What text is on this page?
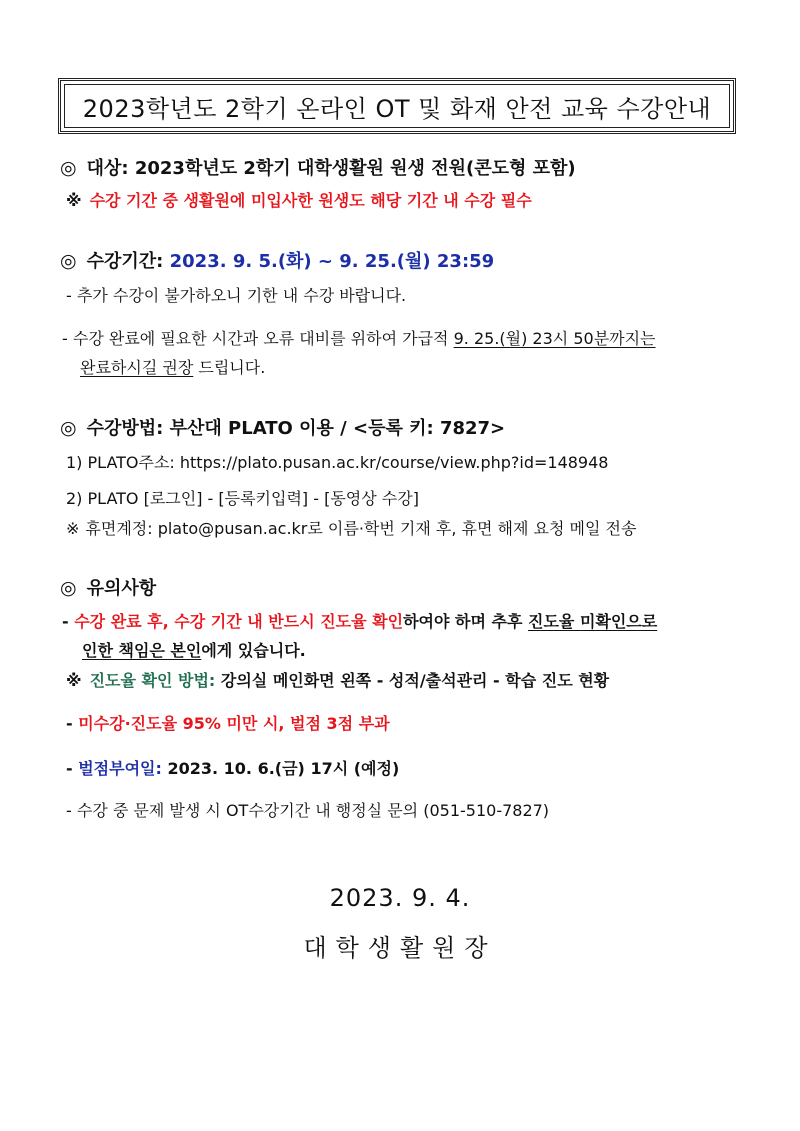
2023학년도 2학기 온라인 OT 및 화재 안전 교육 수강안내
◎ 대상: 2023학년도 2학기 대학생활원 원생 전원(콘도형 포함)
※ 수강 기간 중 생활원에 미입사한 원생도 해당 기간 내 수강 필수
◎ 수강기간: 2023. 9. 5.(화) ~ 9. 25.(월) 23:59
- 추가 수강이 불가하오니 기한 내 수강 바랍니다.
- 수강 완료에 필요한 시간과 오류 대비를 위하여 가급적 9. 25.(월) 23시 50분까지는
완료하시길 권장 드립니다.
◎ 수강방법: 부산대 PLATO 이용 / <등록 키: 7827>
1) PLATO주소: https://plato.pusan.ac.kr/course/view.php?id=148948
2) PLATO [로그인] - [등록키입력] - [동영상 수강]
※ 휴면계정: plato@pusan.ac.kr로 이름·학번 기재 후, 휴면 해제 요청 메일 전송
◎ 유의사항
- 수강 완료 후, 수강 기간 내 반드시 진도율 확인하여야 하며 추후 진도율 미확인으로
인한 책임은 본인에게 있습니다.
※ 진도율 확인 방법: 강의실 메인화면 왼쪽 - 성적/출석관리 - 학습 진도 현황
- 미수강·진도율 95% 미만 시, 벌점 3점 부과
- 벌점부여일: 2023. 10. 6.(금) 17시 (예정)
- 수강 중 문제 발생 시 OT수강기간 내 행정실 문의 (051-510-7827)
2023. 9. 4.
대학생활원장
